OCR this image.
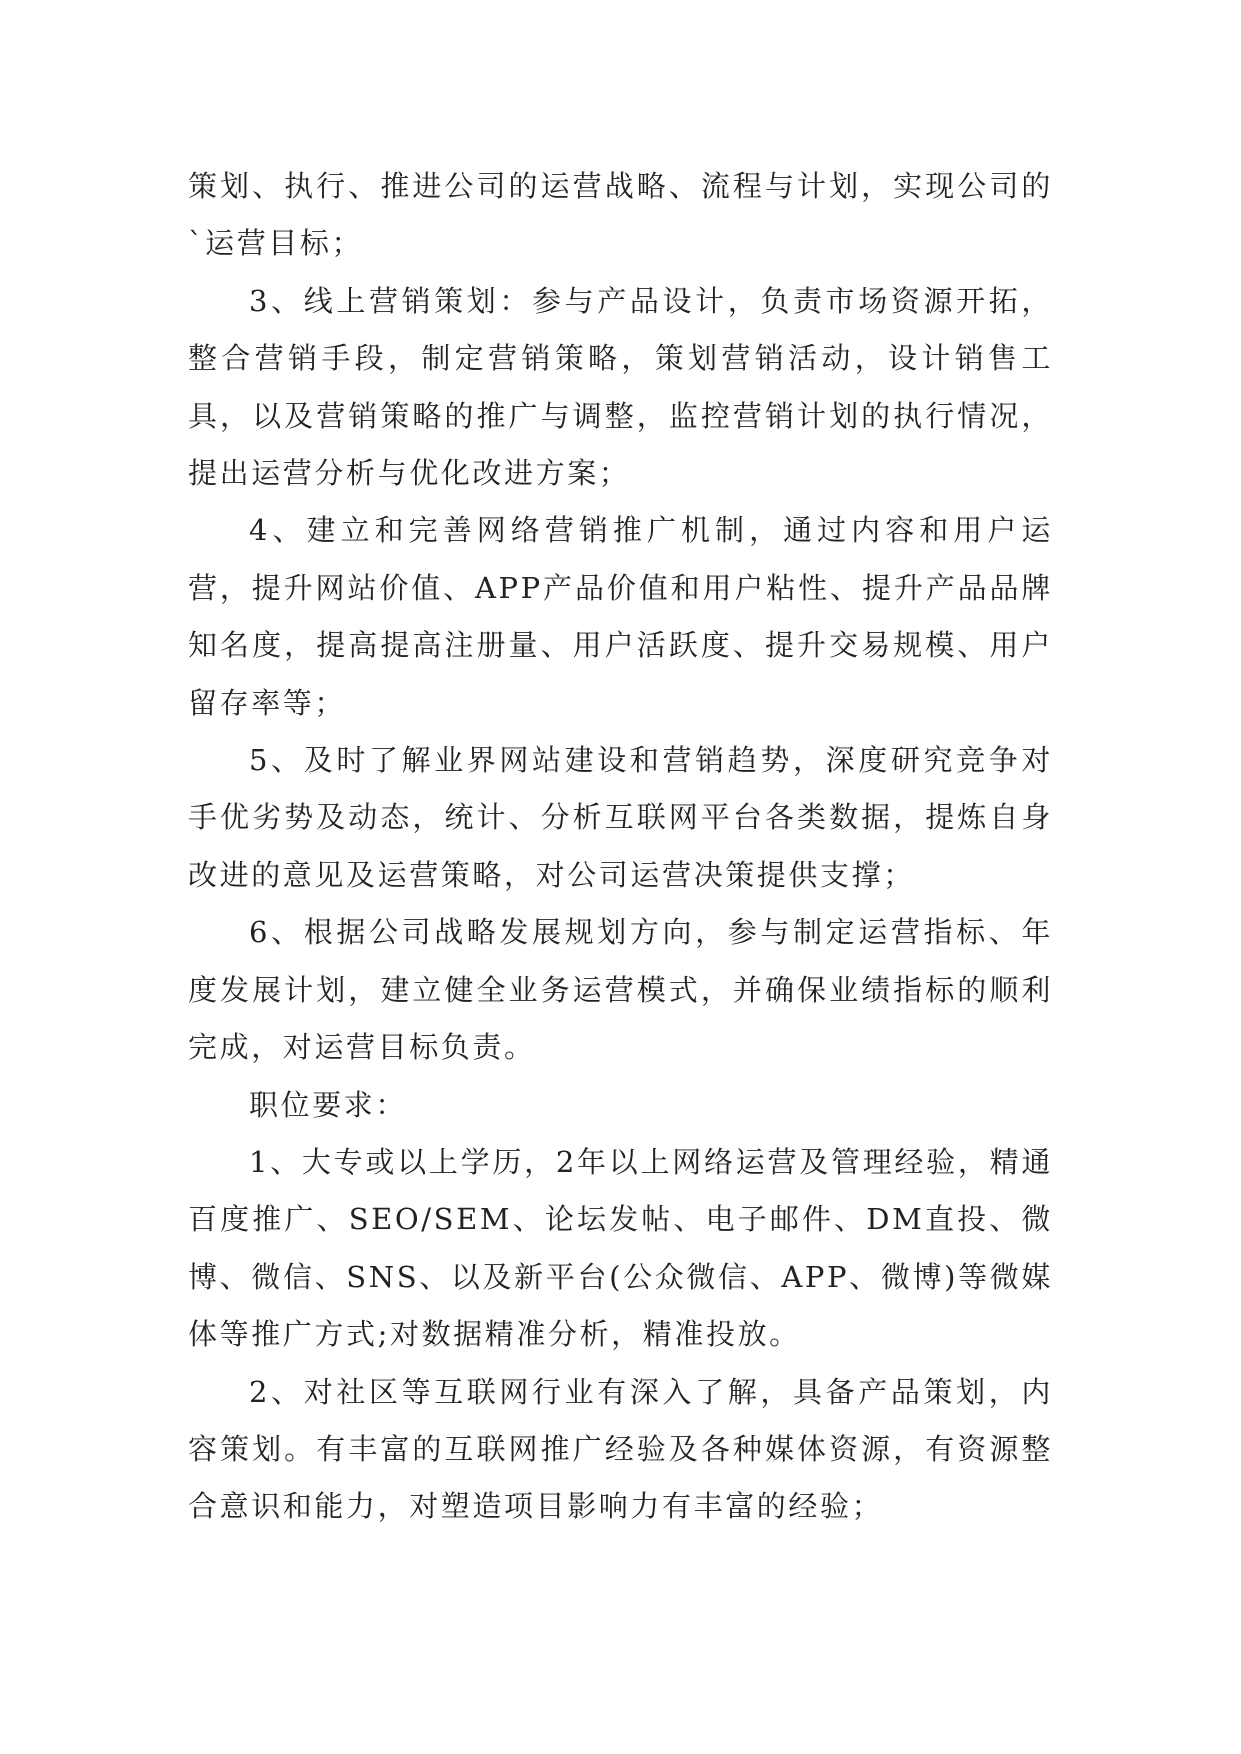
策划、执行、推进公司的运营战略、流程与计划，实现公司的`运营目标；

3、线上营销策划：参与产品设计，负责市场资源开拓，整合营销手段，制定营销策略，策划营销活动，设计销售工具，以及营销策略的推广与调整，监控营销计划的执行情况，提出运营分析与优化改进方案；

4、建立和完善网络营销推广机制，通过内容和用户运营，提升网站价值、APP产品价值和用户粘性、提升产品品牌知名度，提高提高注册量、用户活跃度、提升交易规模、用户留存率等；

5、及时了解业界网站建设和营销趋势，深度研究竞争对手优劣势及动态，统计、分析互联网平台各类数据，提炼自身改进的意见及运营策略，对公司运营决策提供支撑；

6、根据公司战略发展规划方向，参与制定运营指标、年度发展计划，建立健全业务运营模式，并确保业绩指标的顺利完成，对运营目标负责。

职位要求：

1、大专或以上学历，2年以上网络运营及管理经验，精通百度推广、SEO/SEM、论坛发帖、电子邮件、DM直投、微博、微信、SNS、以及新平台(公众微信、APP、微博)等微媒体等推广方式;对数据精准分析，精准投放。

2、对社区等互联网行业有深入了解，具备产品策划，内容策划。有丰富的互联网推广经验及各种媒体资源，有资源整合意识和能力，对塑造项目影响力有丰富的经验；
